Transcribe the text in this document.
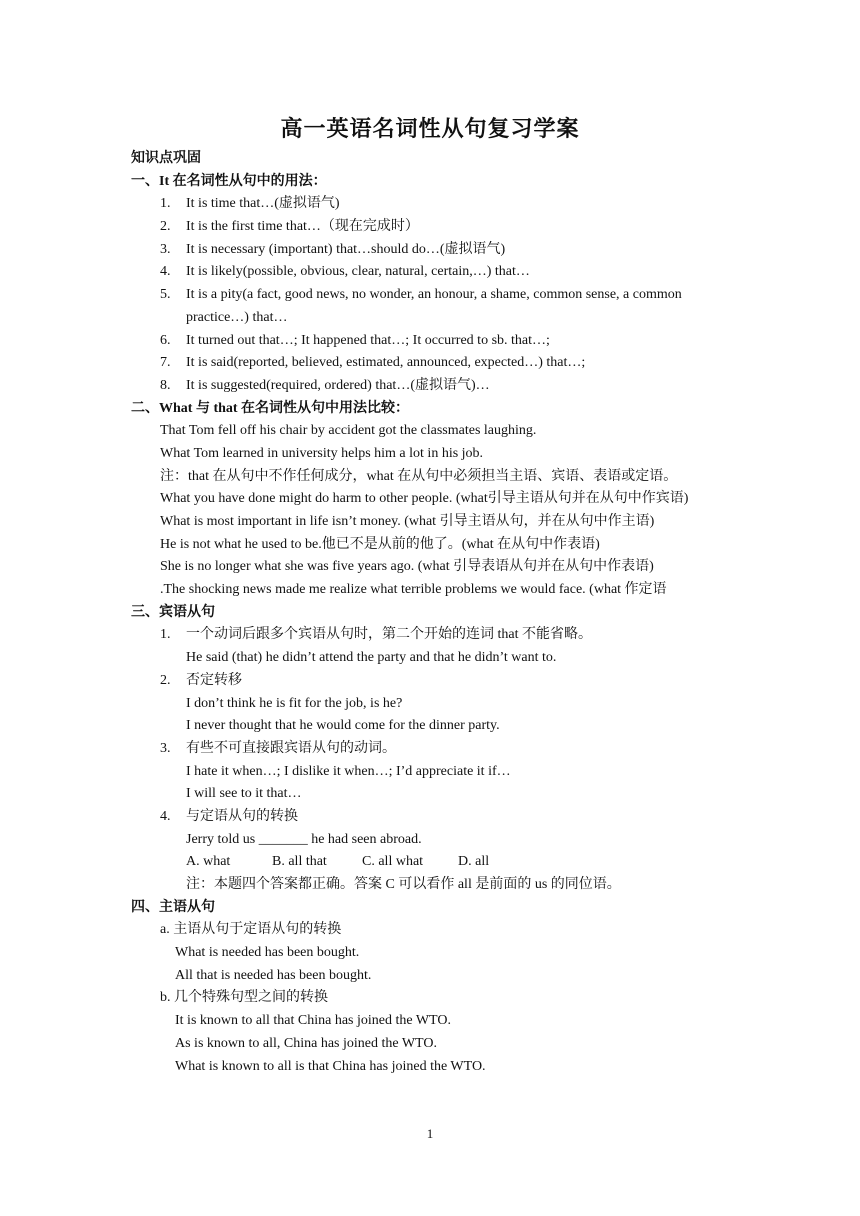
高一英语名词性从句复习学案
知识点巩固
一、It 在名词性从句中的用法：
1. It is time that…(虚拟语气)
2. It is the first time that…（现在完成时）
3. It is necessary (important) that…should do…(虚拟语气)
4. It is likely(possible, obvious, clear, natural, certain,…) that…
5. It is a pity(a fact, good news, no wonder, an honour, a shame, common sense, a common
practice…) that…
6. It turned out that…; It happened that…; It occurred to sb. that…;
7. It is said(reported, believed, estimated, announced, expected…) that…;
8. It is suggested(required, ordered) that…(虚拟语气)…
二、What 与 that 在名词性从句中用法比较：
That Tom fell off his chair by accident got the classmates laughing.
What Tom learned in university helps him a lot in his job.
注：that 在从句中不作任何成分，what 在从句中必须担当主语、宾语、表语或定语。
What you have done might do harm to other people. (what引导主语从句并在从句中作宾语)
What is most important in life isn’t money. (what 引导主语从句，并在从句中作主语)
He is not what he used to be.他已不是从前的他了。(what 在从句中作表语)
She is no longer what she was five years ago. (what 引导表语从句并在从句中作表语)
.The shocking news made me realize what terrible problems we would face. (what 作定语
三、宾语从句
1. 一个动词后跟多个宾语从句时，第二个开始的连词 that 不能省略。
He said (that) he didn’t attend the party and that he didn’t want to.
2. 否定转移
I don’t think he is fit for the job, is he?
I never thought that he would come for the dinner party.
3. 有些不可直接跟宾语从句的动词。
I hate it when…; I dislike it when…; I’d appreciate it if…
I will see to it that…
4. 与定语从句的转换
Jerry told us _______ he had seen abroad.
A. what	B. all that	C. all what D. all
注：本题四个答案都正确。答案 C 可以看作 all 是前面的 us 的同位语。
四、主语从句
a. 主语从句于定语从句的转换
What is needed has been bought.
All that is needed has been bought.
b. 几个特殊句型之间的转换
It is known to all that China has joined the WTO.
As is known to all, China has joined the WTO.
What is known to all is that China has joined the WTO.
1
